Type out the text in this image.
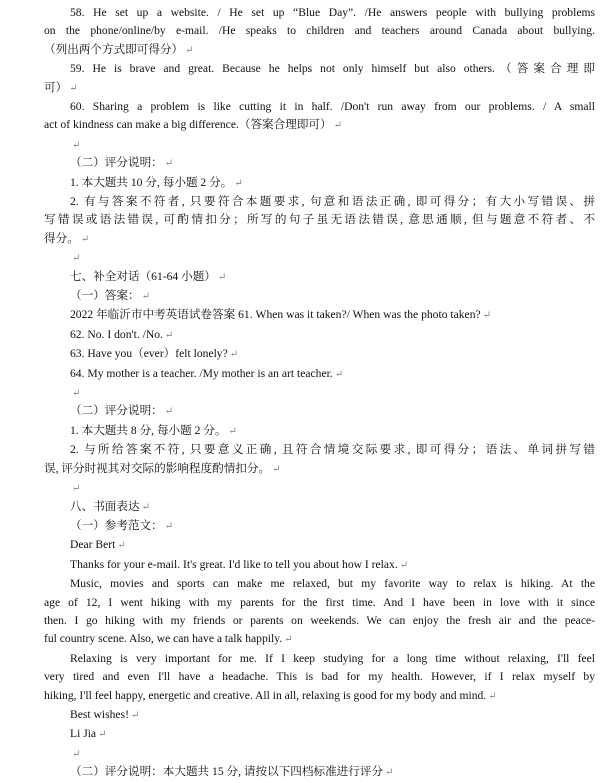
58. He set up a website. / He set up “Blue Day”. /He answers people with bullying problems
on the phone/online/by e-mail. /He speaks to children and teachers around Canada about bullying.
（列出两个方式即可得分） ↵
59. He is brave and great. Because he helps not only himself but also others.（答案合理即
可） ↵
60. Sharing a problem is like cutting it in half. /Don't run away from our problems. / A small
act of kindness can make a big difference.（答案合理即可） ↵
↵
（二）评分说明： ↵
1. 本大题共 10 分, 每小题 2 分。 ↵
2. 有与答案不符者, 只要符合本题要求, 句意和语法正确, 即可得分；有大小写错误、拼
写错误或语法错误, 可酌情扣分；所写的句子虽无语法错误, 意思通顺, 但与题意不符者、不
得分。 ↵
↵
七、补全对话（61-64 小题） ↵
（一）答案： ↵
2022 年临沂市中考英语试卷答案 61. When was it taken?/ When was the photo taken? ↵
62. No. I don't. /No. ↵
63. Have you（ever）felt lonely? ↵
64. My mother is a teacher. /My mother is an art teacher. ↵
↵
（二）评分说明： ↵
1. 本大题共 8 分, 每小题 2 分。 ↵
2. 与所给答案不符, 只要意义正确, 且符合情境交际要求, 即可得分；语法、单词拼写错
误, 评分时视其对交际的影响程度酌情扣分。 ↵
↵
八、书面表达 ↵
（一）参考范文： ↵
Dear Bert ↵
Thanks for your e-mail. It's great. I'd like to tell you about how I relax. ↵
Music, movies and sports can make me relaxed, but my favorite way to relax is hiking. At the
age of 12, I went hiking with my parents for the first time. And I have been in love with it since
then. I go hiking with my friends or parents on weekends. We can enjoy the fresh air and the peace-
ful country scene. Also, we can have a talk happily. ↵
Relaxing is very important for me. If I keep studying for a long time without relaxing, I'll feel
very tired and even I'll have a headache. This is bad for my health. However, if I relax myself by
hiking, I'll feel happy, energetic and creative. All in all, relaxing is good for my body and mind. ↵
Best wishes! ↵
Li Jia ↵
↵
（二）评分说明：本大题共 15 分, 请按以下四档标准进行评分 ↵
